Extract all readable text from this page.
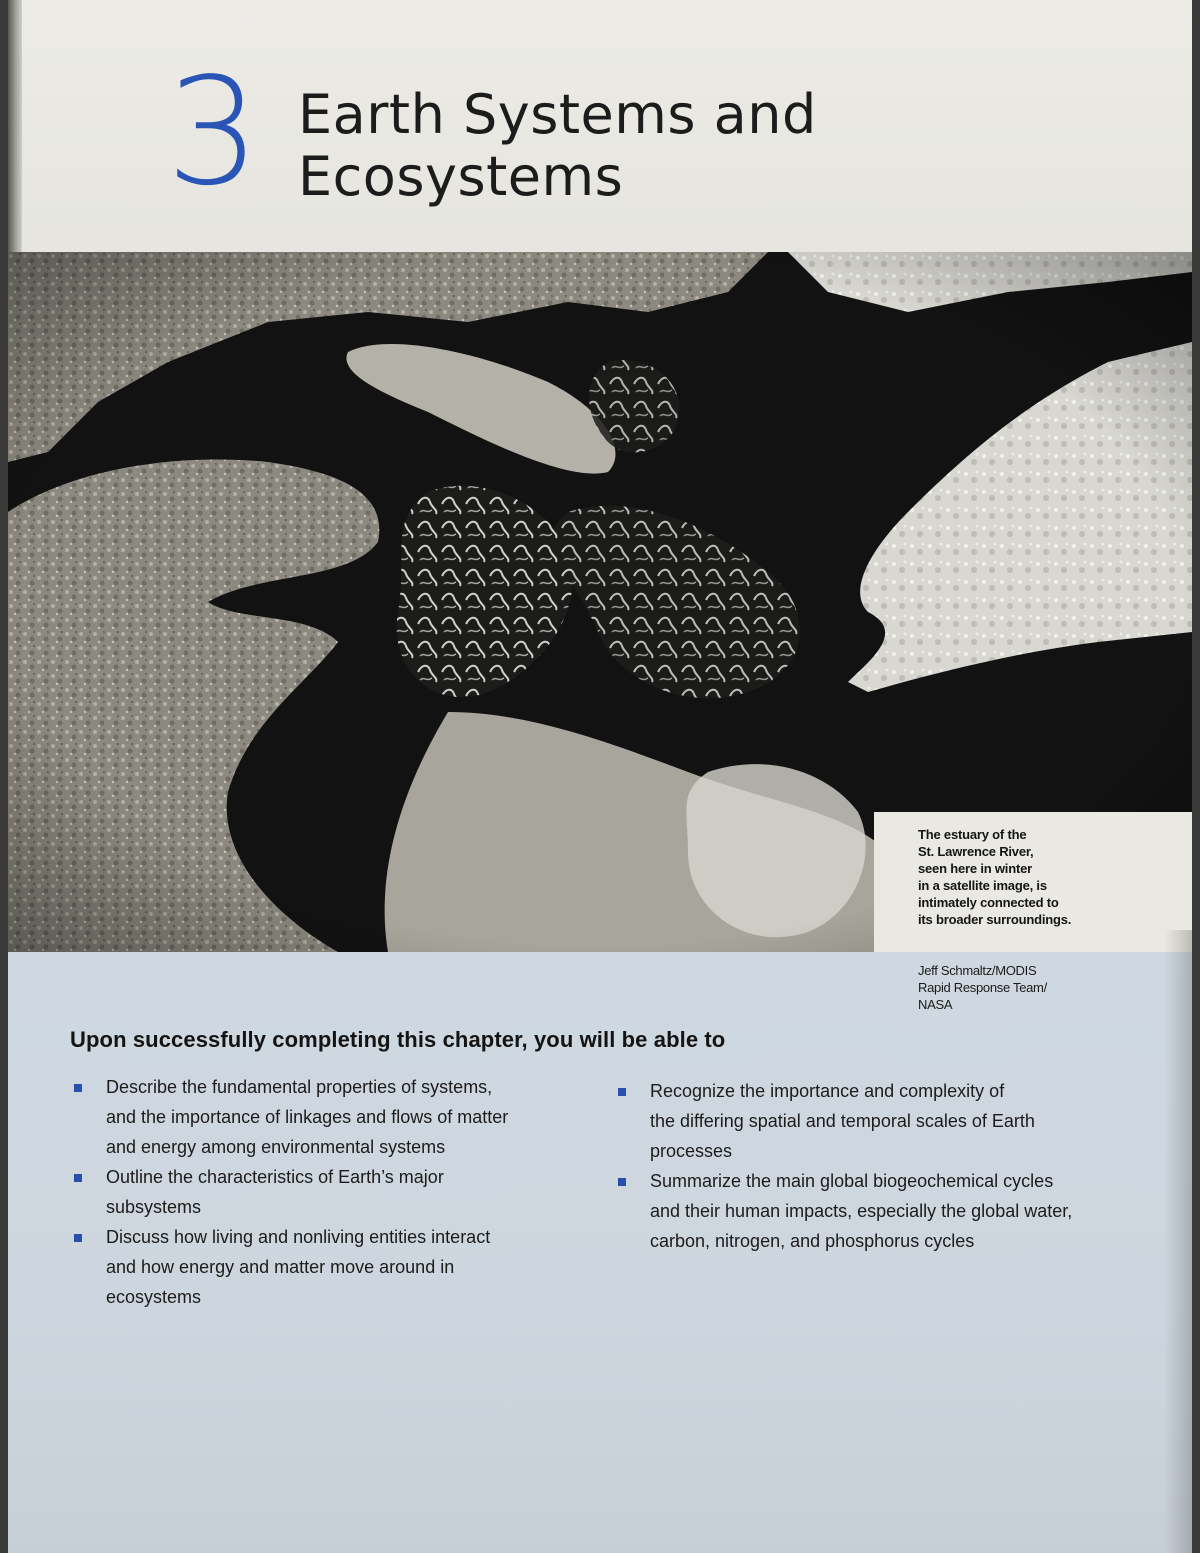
3 Earth Systems and
Ecosystems
The estuary of the
St. Lawrence River,
seen here in winter
in a satellite image, is
intimately connected to
its broader surroundings.
Jeff Schmaltz/MODIS
Rapid Response Team/
NASA
Upon successfully completing this chapter, you will be able to
Describe the fundamental properties of systems,
and the importance of linkages and flows of matter
and energy among environmental systems
Outline the characteristics of Earth’s major
subsystems
Discuss how living and nonliving entities interact
and how energy and matter move around in
ecosystems
Recognize the importance and complexity of
the differing spatial and temporal scales of Earth
processes
Summarize the main global biogeochemical cycles
and their human impacts, especially the global water,
carbon, nitrogen, and phosphorus cycles
